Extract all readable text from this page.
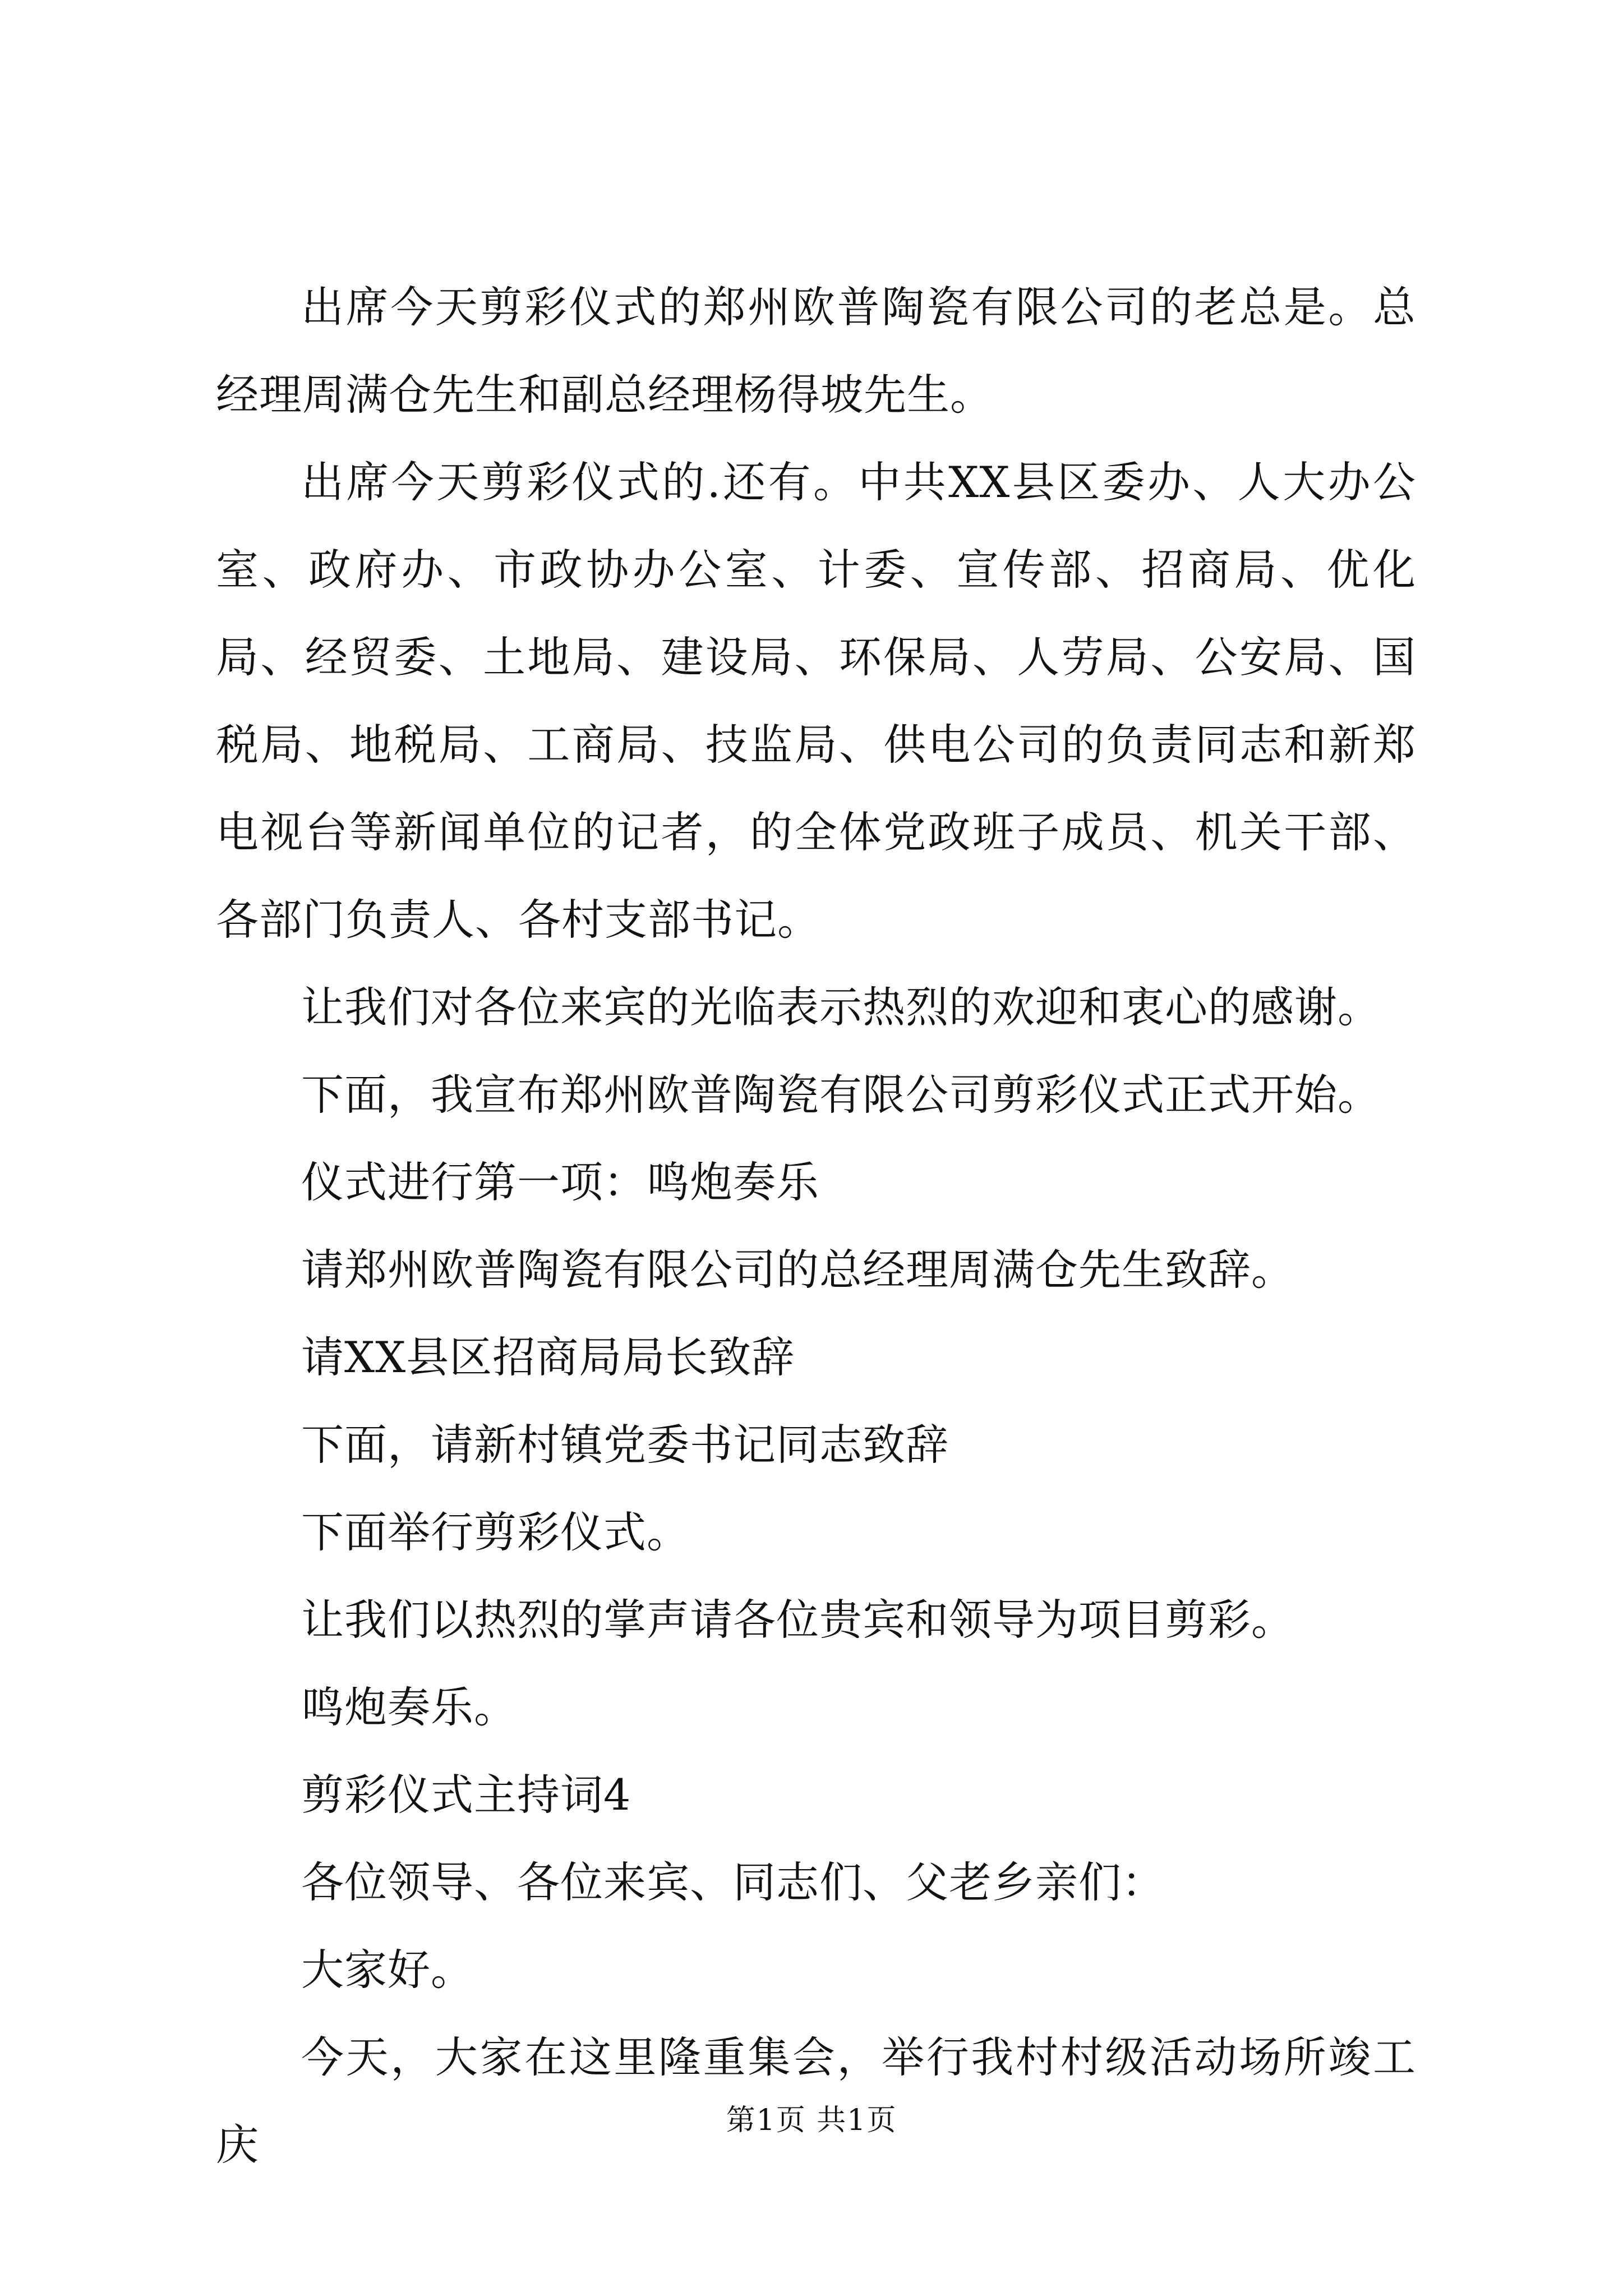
出席今天剪彩仪式的郑州欧普陶瓷有限公司的老总是。总经理周满仓先生和副总经理杨得坡先生。

出席今天剪彩仪式的.还有。中共XX县区委办、人大办公室、政府办、市政协办公室、计委、宣传部、招商局、优化局、经贸委、土地局、建设局、环保局、人劳局、公安局、国税局、地税局、工商局、技监局、供电公司的负责同志和新郑电视台等新闻单位的记者，的全体党政班子成员、机关干部、各部门负责人、各村支部书记。

让我们对各位来宾的光临表示热烈的欢迎和衷心的感谢。

下面，我宣布郑州欧普陶瓷有限公司剪彩仪式正式开始。

仪式进行第一项：鸣炮奏乐

请郑州欧普陶瓷有限公司的总经理周满仓先生致辞。

请XX县区招商局局长致辞

下面，请新村镇党委书记同志致辞

下面举行剪彩仪式。

让我们以热烈的掌声请各位贵宾和领导为项目剪彩。

鸣炮奏乐。

剪彩仪式主持词4

各位领导、各位来宾、同志们、父老乡亲们：

大家好。

今天，大家在这里隆重集会，举行我村村级活动场所竣工庆	第1页 共1页
